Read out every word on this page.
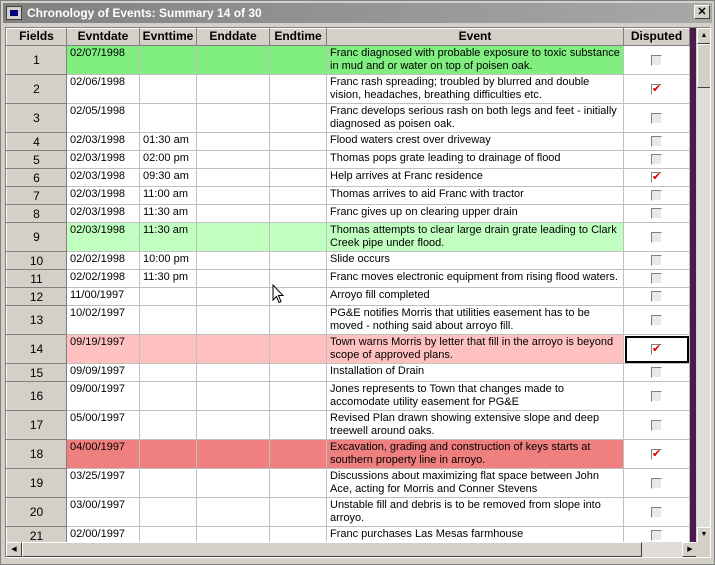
Chronology of Events: Summary 14 of 30	✕
Fields	Evntdate	Evnttime	Enddate	Endtime	Event	Disputed
1	02/07/1998				Franc diagnosed with probable exposure to toxic substance in mud and or water on top of poisen oak.	
2	02/06/1998				Franc rash spreading; troubled by blurred and double vision, headaches, breathing difficulties etc.	✔
3	02/05/1998				Franc develops serious rash on both legs and feet - initially diagnosed as poisen oak.	
4	02/03/1998	01:30 am			Flood waters crest over driveway	
5	02/03/1998	02:00 pm			Thomas pops grate leading to drainage of flood	
6	02/03/1998	09:30 am			Help arrives at Franc residence	✔
7	02/03/1998	11:00 am			Thomas arrives to aid Franc with tractor	
8	02/03/1998	11:30 am			Franc gives up on clearing upper drain	
9	02/03/1998	11:30 am			Thomas attempts to clear large drain grate leading to Clark Creek pipe under flood.	
10	02/02/1998	10:00 pm			Slide occurs	
11	02/02/1998	11:30 pm			Franc moves electronic equipment from rising flood waters.	
12	11/00/1997				Arroyo fill completed	
13	10/02/1997				PG&E notifies Morris that utilities easement has to be moved - nothing said about arroyo fill.	
14	09/19/1997				Town warns Morris by letter that fill in the arroyo is beyond scope of approved plans.	✔
15	09/09/1997				Installation of Drain	
16	09/00/1997				Jones represents to Town that changes made to accomodate utility easement for PG&E	
17	05/00/1997				Revised Plan drawn showing extensive slope and deep treewell around oaks.	
18	04/00/1997				Excavation, grading and construction of keys starts at southern property line in arroyo.	✔
19	03/25/1997				Discussions about maximizing flat space between John Ace, acting for Morris and Conner Stevens	
20	03/00/1997				Unstable fill and debris is to be removed from slope into arroyo.	
21	02/00/1997				Franc purchases Las Mesas farmhouse	

▲
▼
◀	▶
